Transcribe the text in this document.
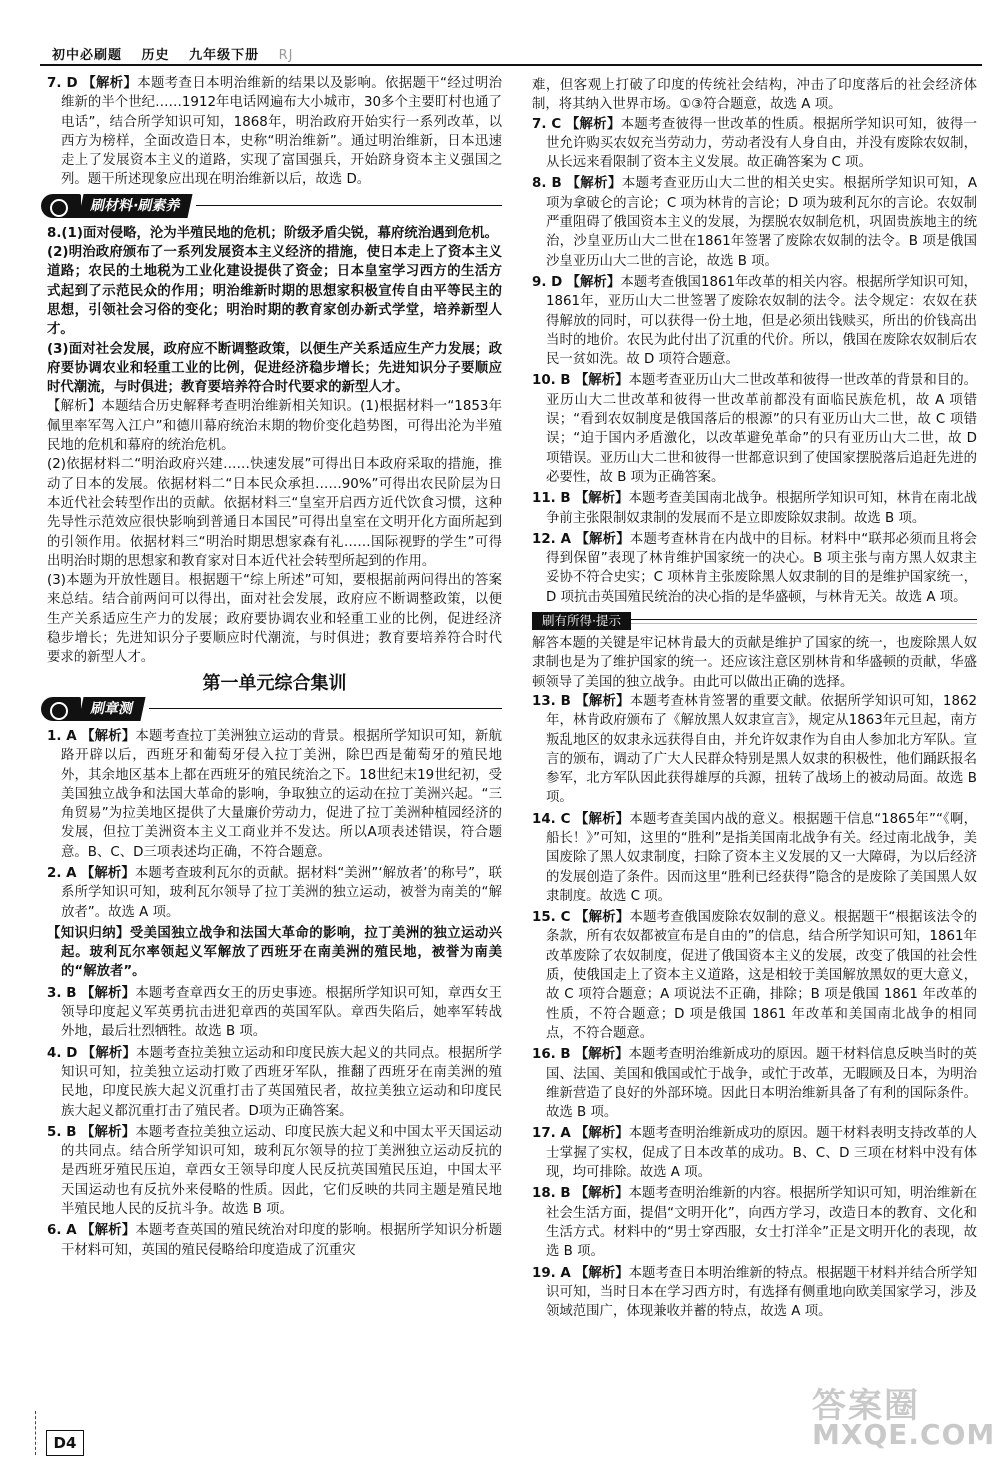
初中必刷题 历史 九年级下册 RJ

7. D 【解析】本题考查日本明治维新的结果以及影响。依据题干“经过明治维新的半个世纪……1912年电话网遍布大小城市，30多个主要盯村也通了电话”，结合所学知识可知，1868年，明治政府开始实行一系列改革，以西方为榜样，全面改造日本，史称“明治维新”。通过明治维新，日本迅速走上了发展资本主义的道路，实现了富国强兵，开始跻身资本主义强国之列。题干所述现象应出现在明治维新以后，故选 D。

刷材料·刷素养

8.(1)面对侵略，沦为半殖民地的危机；阶级矛盾尖锐，幕府统治遇到危机。

(2)明治政府颁布了一系列发展资本主义经济的措施，使日本走上了资本主义道路；农民的土地税为工业化建设提供了资金；日本皇室学习西方的生活方式起到了示范民众的作用；明治维新时期的思想家积极宣传自由平等民主的思想，引领社会习俗的变化；明治时期的教育家创办新式学堂，培养新型人才。

(3)面对社会发展，政府应不断调整政策，以便生产关系适应生产力发展；政府要协调农业和轻重工业的比例，促进经济稳步增长；先进知识分子要顺应时代潮流，与时俱进；教育要培养符合时代要求的新型人才。

【解析】本题结合历史解释考查明治维新相关知识。(1)根据材料一“1853年佩里率军驾入江户”和德川幕府统治末期的物价变化趋势图，可得出沦为半殖民地的危机和幕府的统治危机。

(2)依据材料二“明治政府兴建……快速发展”可得出日本政府采取的措施，推动了日本的发展。依据材料二“日本民众承担……90%”可得出农民阶层为日本近代社会转型作出的贡献。依据材料三“皇室开启西方近代饮食习惯，这种先导性示范效应很快影响到普通日本国民”可得出皇室在文明开化方面所起到的引领作用。依据材料三“明治时期思想家森有礼……国际视野的学生”可得出明治时期的思想家和教育家对日本近代社会转型所起到的作用。

(3)本题为开放性题目。根据题干“综上所述”可知，要根据前两问得出的答案来总结。结合前两问可以得出，面对社会发展，政府应不断调整政策，以便生产关系适应生产力的发展；政府要协调农业和轻重工业的比例，促进经济稳步增长；先进知识分子要顺应时代潮流，与时俱进；教育要培养符合时代要求的新型人才。

第一单元综合集训
刷章测

1. A 【解析】本题考查拉丁美洲独立运动的背景。根据所学知识可知，新航路开辟以后，西班牙和葡萄牙侵入拉丁美洲，除巴西是葡萄牙的殖民地外，其余地区基本上都在西班牙的殖民统治之下。18世纪末19世纪初，受美国独立战争和法国大革命的影响，争取独立的运动在拉丁美洲兴起。“三角贸易”为拉美地区提供了大量廉价劳动力，促进了拉丁美洲种植园经济的发展，但拉丁美洲资本主义工商业并不发达。所以A项表述错误，符合题意。B、C、D三项表述均正确，不符合题意。

2. A 【解析】本题考查玻利瓦尔的贡献。据材料“美洲”‘解放者’的称号”，联系所学知识可知，玻利瓦尔领导了拉丁美洲的独立运动，被誉为南美的“解放者”。故选 A 项。

【知识归纳】受美国独立战争和法国大革命的影响，拉丁美洲的独立运动兴起。玻利瓦尔率领起义军解放了西班牙在南美洲的殖民地，被誉为南美的“解放者”。

3. B 【解析】本题考查章西女王的历史事迹。根据所学知识可知，章西女王领导印度起义军英勇抗击进犯章西的英国军队。章西失陷后，她率军转战外地，最后壮烈牺牲。故选 B 项。

4. D 【解析】本题考查拉美独立运动和印度民族大起义的共同点。根据所学知识可知，拉美独立运动打败了西班牙军队，推翻了西班牙在南美洲的殖民地，印度民族大起义沉重打击了英国殖民者，故拉美独立运动和印度民族大起义都沉重打击了殖民者。D项为正确答案。

5. B 【解析】本题考查拉美独立运动、印度民族大起义和中国太平天国运动的共同点。结合所学知识可知，玻利瓦尔领导的拉丁美洲独立运动反抗的是西班牙殖民压迫，章西女王领导印度人民反抗英国殖民压迫，中国太平天国运动也有反抗外来侵略的性质。因此，它们反映的共同主题是殖民地半殖民地人民的反抗斗争。故选 B 项。

6. A 【解析】本题考查英国的殖民统治对印度的影响。根据所学知识分析题干材料可知，英国的殖民侵略给印度造成了沉重灾

难，但客观上打破了印度的传统社会结构，冲击了印度落后的社会经济体制，将其纳入世界市场。①③符合题意，故选 A 项。

7. C 【解析】本题考查彼得一世改革的性质。根据所学知识可知，彼得一世允许购买农奴充当劳动力，劳动者没有人身自由，并没有废除农奴制，从长远来看限制了资本主义发展。故正确答案为 C 项。

8. B 【解析】本题考查亚历山大二世的相关史实。根据所学知识可知，A 项为拿破仑的言论；C 项为林肯的言论；D 项为玻利瓦尔的言论。农奴制严重阻碍了俄国资本主义的发展，为摆脱农奴制危机，巩固贵族地主的统治，沙皇亚历山大二世在1861年签署了废除农奴制的法令。B 项是俄国沙皇亚历山大二世的言论，故选 B 项。

9. D 【解析】本题考查俄国1861年改革的相关内容。根据所学知识可知，1861年，亚历山大二世签署了废除农奴制的法令。法令规定：农奴在获得解放的同时，可以获得一份土地，但是必须出钱赎买，所出的价钱高出当时的地价。农民为此付出了沉重的代价。所以，俄国在废除农奴制后农民一贫如洗。故 D 项符合题意。

10. B 【解析】本题考查亚历山大二世改革和彼得一世改革的背景和目的。亚历山大二世改革和彼得一世改革前都没有面临民族危机，故 A 项错误；“看到农奴制度是俄国落后的根源”的只有亚历山大二世，故 C 项错误；“迫于国内矛盾激化，以改革避免革命”的只有亚历山大二世，故 D 项错误。亚历山大二世和彼得一世都意识到了使国家摆脱落后追赶先进的必要性，故 B 项为正确答案。

11. B 【解析】本题考查美国南北战争。根据所学知识可知，林肯在南北战争前主张限制奴隶制的发展而不是立即废除奴隶制。故选 B 项。

12. A 【解析】本题考查林肯在内战中的目标。材料中“联邦必须而且将会得到保留”表现了林肯维护国家统一的决心。B 项主张与南方黑人奴隶主妥协不符合史实；C 项林肯主张废除黑人奴隶制的目的是维护国家统一，D 项抗击英国殖民统治的决心指的是华盛顿，与林肯无关。故选 A 项。

刷有所得·提示

解答本题的关键是牢记林肯最大的贡献是维护了国家的统一，也废除黑人奴隶制也是为了维护国家的统一。还应该注意区别林肯和华盛顿的贡献，华盛顿领导了美国的独立战争。由此可以做出正确的选择。

13. B 【解析】本题考查林肯签署的重要文献。依据所学知识可知，1862年，林肯政府颁布了《解放黑人奴隶宣言》，规定从1863年元旦起，南方叛乱地区的奴隶永远获得自由，并允许奴隶作为自由人参加北方军队。宣言的颁布，调动了广大人民群众特别是黑人奴隶的积极性，他们踊跃报名参军，北方军队因此获得雄厚的兵源，扭转了战场上的被动局面。故选 B 项。

14. C 【解析】本题考查美国内战的意义。根据题干信息“1865年”“《啊，船长！》”可知，这里的“胜利”是指美国南北战争有关。经过南北战争，美国废除了黑人奴隶制度，扫除了资本主义发展的又一大障碍，为以后经济的发展创造了条件。因而这里“胜利已经获得”隐含的是废除了美国黑人奴隶制度。故选 C 项。

15. C 【解析】本题考查俄国废除农奴制的意义。根据题干“根据该法令的条款，所有农奴都被宣布是自由的”的信息，结合所学知识可知，1861年改革废除了农奴制度，促进了俄国资本主义的发展，改变了俄国的社会性质，使俄国走上了资本主义道路，这是相较于美国解放黑奴的更大意义，故 C 项符合题意；A 项说法不正确，排除；B 项是俄国 1861 年改革的性质，不符合题意；D 项是俄国 1861 年改革和美国南北战争的相同点，不符合题意。

16. B 【解析】本题考查明治维新成功的原因。题干材料信息反映当时的英国、法国、美国和俄国或忙于战争，或忙于改革，无暇顾及日本，为明治维新营造了良好的外部环境。因此日本明治维新具备了有利的国际条件。故选 B 项。

17. A 【解析】本题考查明治维新成功的原因。题干材料表明支持改革的人士掌握了实权，促成了日本改革的成功。B、C、D 三项在材料中没有体现，均可排除。故选 A 项。

18. B 【解析】本题考查明治维新的内容。根据所学知识可知，明治维新在社会生活方面，提倡“文明开化”，向西方学习，改造日本的教育、文化和生活方式。材料中的“男士穿西服，女士打洋伞”正是文明开化的表现，故选 B 项。

19. A 【解析】本题考查日本明治维新的特点。根据题干材料并结合所学知识可知，当时日本在学习西方时，有选择有侧重地向欧美国家学习，涉及领域范围广，体现兼收并蓄的特点，故选 A 项。

D4
答案圈
MXQE.COM
